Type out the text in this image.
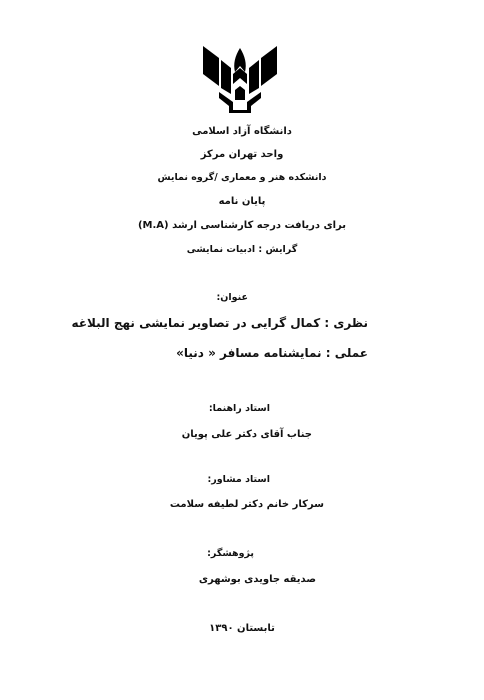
دانشگاه آزاد اسلامی
واحد تهران مرکز
دانشکده هنر و معماری /گروه نمایش
پایان نامه
برای دریافت درجه کارشناسی ارشد (M.A)
گرایش : ادبیات نمایشی
عنوان:
نظری : کمال گرایی در تصاویر نمایشی نهج البلاغه
عملی : نمایشنامه مسافر « دنیا»
استاد راهنما:
جناب آقای دکتر علی پویان
استاد مشاور:
سرکار خانم دکتر لطیفه سلامت
پژوهشگر:
صدیقه جاویدی بوشهری
تابستان ۱۳۹۰
